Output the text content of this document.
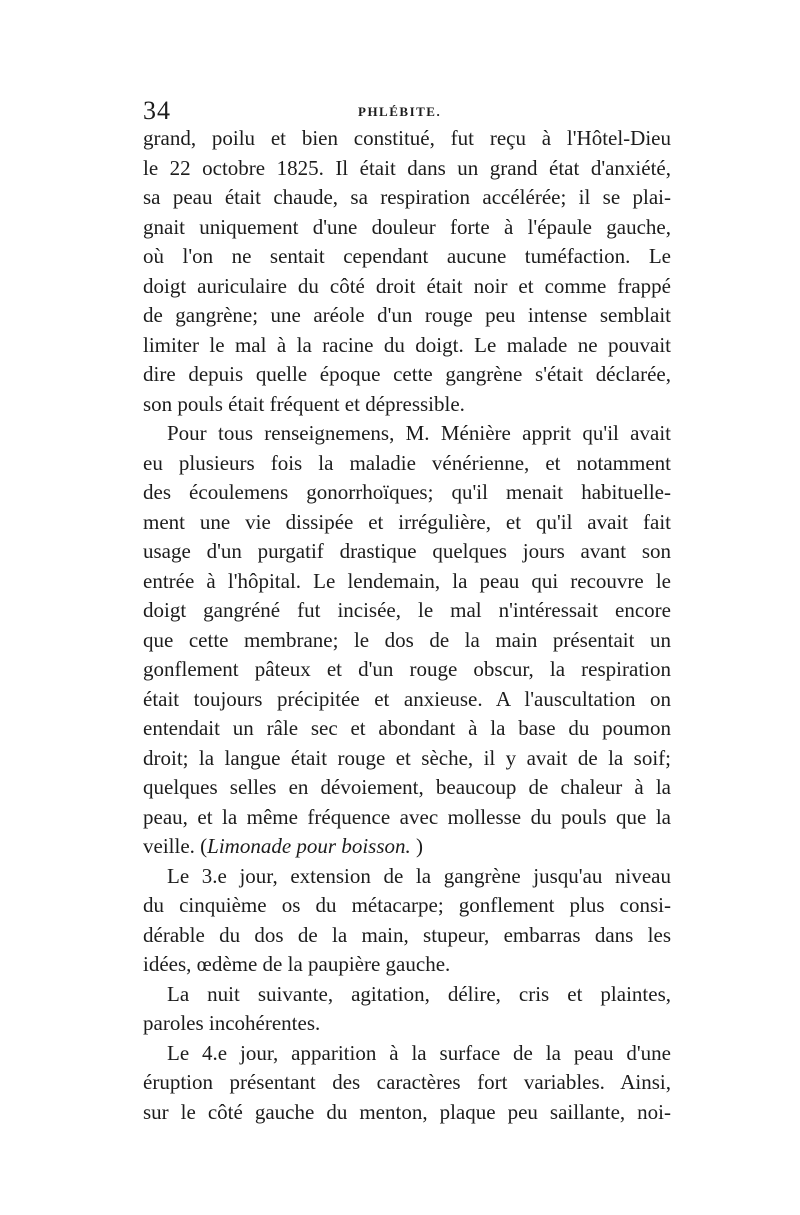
34	PHLÉBITE.
grand, poilu et bien constitué, fut reçu à l'Hôtel-Dieu
le 22 octobre 1825. Il était dans un grand état d'anxiété,
sa peau était chaude, sa respiration accélérée; il se plai-
gnait uniquement d'une douleur forte à l'épaule gauche,
où l'on ne sentait cependant aucune tuméfaction. Le
doigt auriculaire du côté droit était noir et comme frappé
de gangrène; une aréole d'un rouge peu intense semblait
limiter le mal à la racine du doigt. Le malade ne pouvait
dire depuis quelle époque cette gangrène s'était déclarée,
son pouls était fréquent et dépressible.
Pour tous renseignemens, M. Ménière apprit qu'il avait
eu plusieurs fois la maladie vénérienne, et notamment
des écoulemens gonorrhoïques; qu'il menait habituelle-
ment une vie dissipée et irrégulière, et qu'il avait fait
usage d'un purgatif drastique quelques jours avant son
entrée à l'hôpital. Le lendemain, la peau qui recouvre le
doigt gangréné fut incisée, le mal n'intéressait encore
que cette membrane; le dos de la main présentait un
gonflement pâteux et d'un rouge obscur, la respiration
était toujours précipitée et anxieuse. A l'auscultation on
entendait un râle sec et abondant à la base du poumon
droit; la langue était rouge et sèche, il y avait de la soif;
quelques selles en dévoiement, beaucoup de chaleur à la
peau, et la même fréquence avec mollesse du pouls que la
veille. (Limonade pour boisson. )
Le 3.e jour, extension de la gangrène jusqu'au niveau
du cinquième os du métacarpe; gonflement plus consi-
dérable du dos de la main, stupeur, embarras dans les
idées, œdème de la paupière gauche.
La nuit suivante, agitation, délire, cris et plaintes,
paroles incohérentes.
Le 4.e jour, apparition à la surface de la peau d'une
éruption présentant des caractères fort variables. Ainsi,
sur le côté gauche du menton, plaque peu saillante, noi-
